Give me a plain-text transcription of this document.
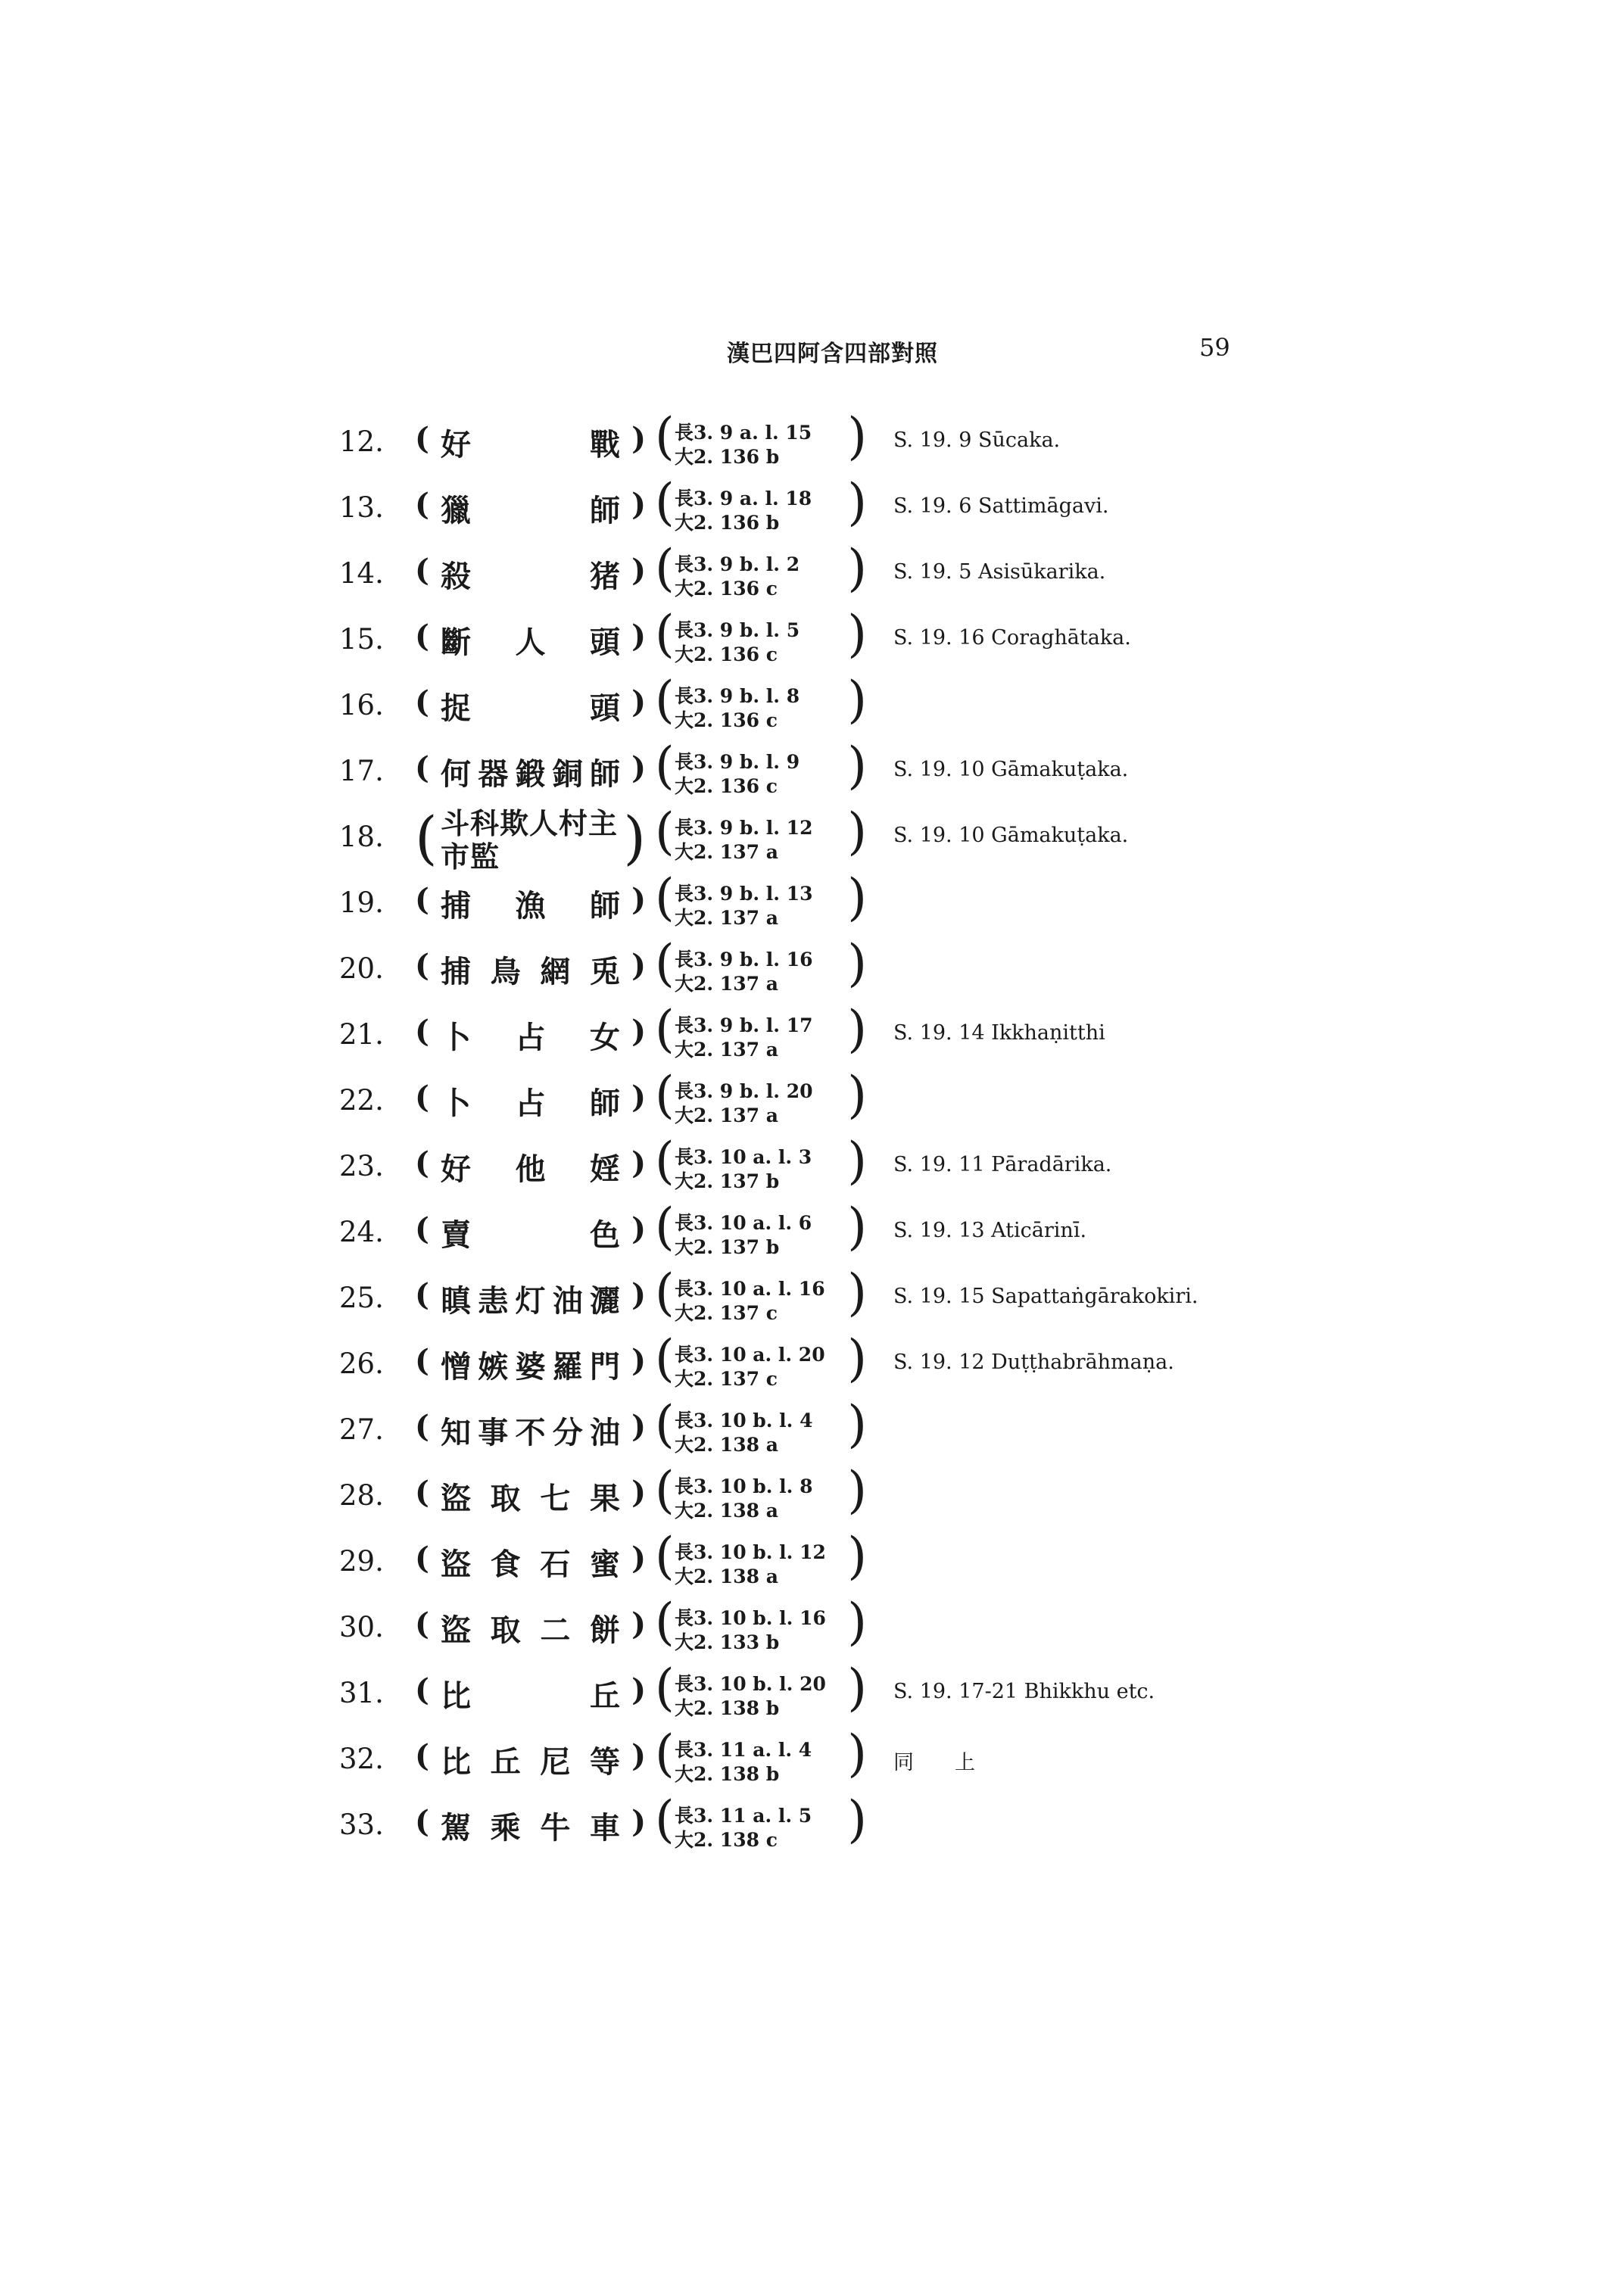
漢巴四阿含四部對照	59
12.	( 好	戰 ) ( 長3. 9 a. l. 15
大2. 136 b ) S. 19. 9 Sūcaka.
13.	( 獵	師 ) ( 長3. 9 a. l. 18
大2. 136 b ) S. 19. 6 Sattimāgavi.
14.	( 殺	猪 ) ( 長3. 9 b. l. 2
大2. 136 c ) S. 19. 5 Asisūkarika.
15.	( 斷 人 頭 ) ( 長3. 9 b. l. 5
大2. 136 c ) S. 19. 16 Coraghātaka.
16.	( 捉	頭 ) ( 長3. 9 b. l. 8
大2. 136 c )
17.	( 何 器 鍛 銅 師 ) ( 長3. 9 b. l. 9
大2. 136 c ) S. 19. 10 Gāmakuṭaka.
18. ( 斗科欺人村主
市監	) ( 長3. 9 b. l. 12
大2. 137 a ) S. 19. 10 Gāmakuṭaka.
19.	( 捕 漁 師 ) ( 長3. 9 b. l. 13
大2. 137 a )
20.	( 捕 鳥 網 兎 ) ( 長3. 9 b. l. 16
大2. 137 a )
21.	( 卜 占 女 ) ( 長3. 9 b. l. 17
大2. 137 a ) S. 19. 14 Ikkhaṇitthi
22.	( 卜 占 師 ) ( 長3. 9 b. l. 20
大2. 137 a )
23.	( 好 他 婬 ) ( 長3. 10 a. l. 3
大2. 137 b ) S. 19. 11 Pāradārika.
24.	( 賣	色 ) ( 長3. 10 a. l. 6
大2. 137 b ) S. 19. 13 Aticārinī.
25.	( 瞋 恚 灯 油 灑 ) ( 長3. 10 a. l. 16
大2. 137 c ) S. 19. 15 Sapattaṅgārakokiri.
26.	( 憎 嫉 婆 羅 門 ) ( 長3. 10 a. l. 20
大2. 137 c ) S. 19. 12 Duṭṭhabrāhmaṇa.
27.	( 知 事 不 分 油 ) ( 長3. 10 b. l. 4
大2. 138 a )
28.	( 盜 取 七 果 ) ( 長3. 10 b. l. 8
大2. 138 a )
29.	( 盜 食 石 蜜 ) ( 長3. 10 b. l. 12
大2. 138 a )
30.	( 盜 取 二 餅 ) ( 長3. 10 b. l. 16
大2. 133 b )
31.	( 比	丘 ) ( 長3. 10 b. l. 20
大2. 138 b ) S. 19. 17-21 Bhikkhu etc.
32.	( 比 丘 尼 等 ) ( 長3. 11 a. l. 4
大2. 138 b ) 同　　上
33.	( 駕 乘 牛 車 ) ( 長3. 11 a. l. 5
大2. 138 c )
